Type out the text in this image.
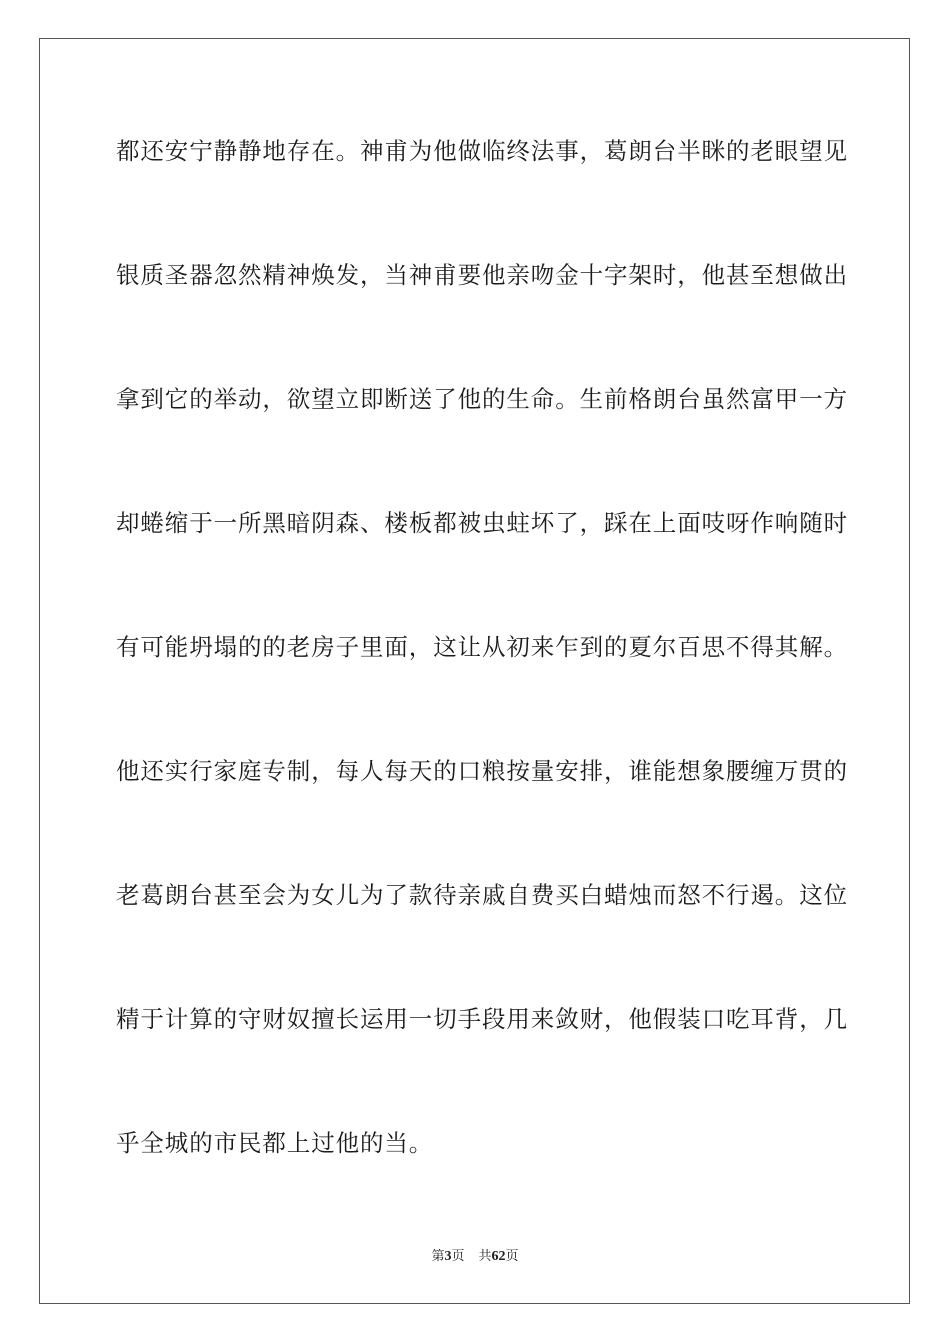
都还安宁静静地存在。神甫为他做临终法事，葛朗台半眯的老眼望见
银质圣器忽然精神焕发，当神甫要他亲吻金十字架时，他甚至想做出
拿到它的举动，欲望立即断送了他的生命。生前格朗台虽然富甲一方
却蜷缩于一所黑暗阴森、楼板都被虫蛀坏了，踩在上面吱呀作响随时
有可能坍塌的的老房子里面，这让从初来乍到的夏尔百思不得其解。
他还实行家庭专制，每人每天的口粮按量安排，谁能想象腰缠万贯的
老葛朗台甚至会为女儿为了款待亲戚自费买白蜡烛而怒不行遏。这位
精于计算的守财奴擅长运用一切手段用来敛财，他假装口吃耳背，几
乎全城的市民都上过他的当。
第3页 共62页
